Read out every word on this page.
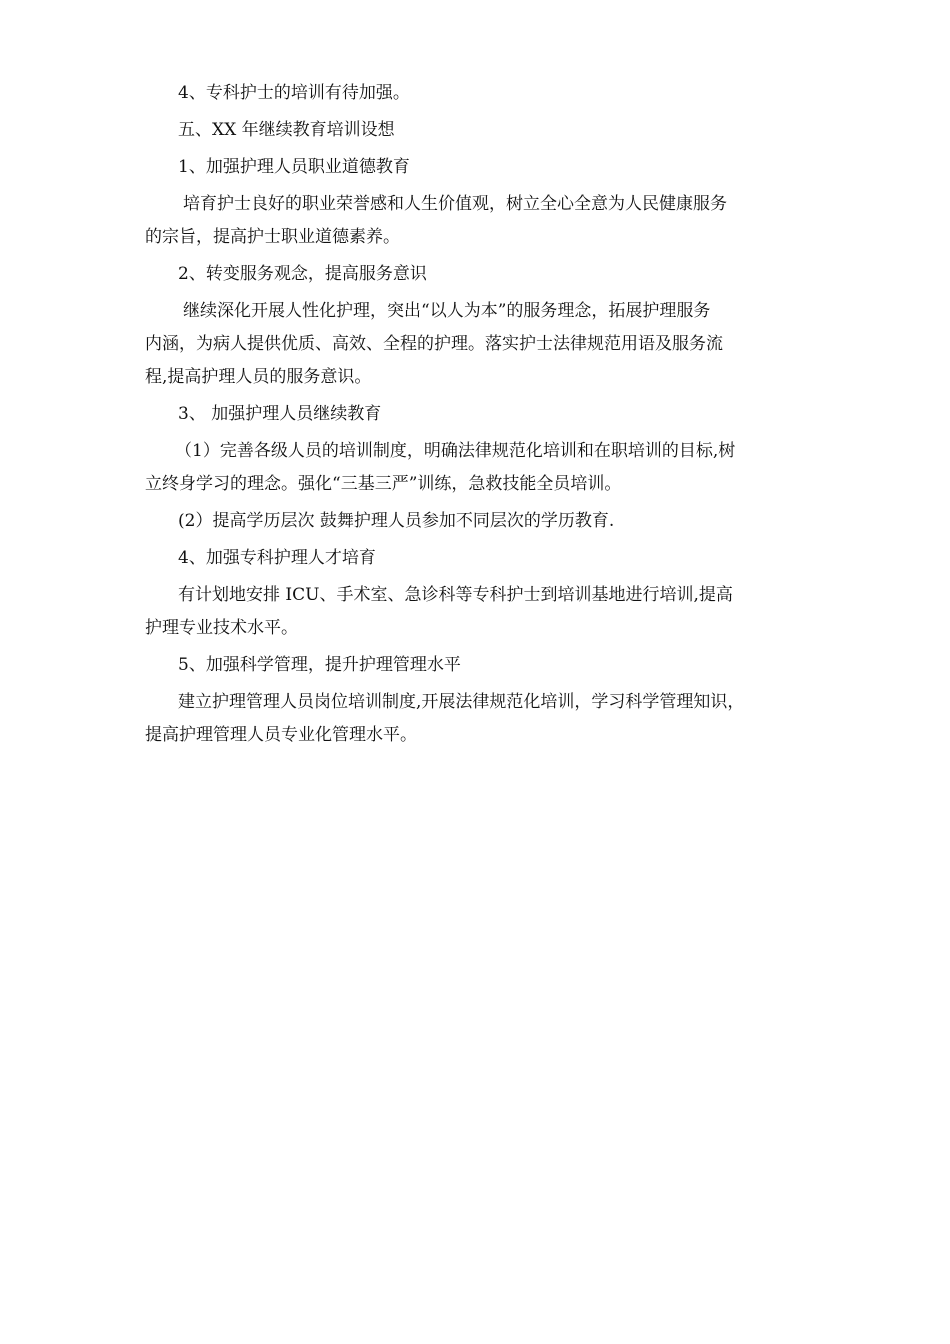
4、专科护士的培训有待加强。

五、XX 年继续教育培训设想

1、加强护理人员职业道德教育

培育护士良好的职业荣誉感和人生价值观，树立全心全意为人民健康服务

的宗旨，提高护士职业道德素养。

2、转变服务观念，提高服务意识

继续深化开展人性化护理，突出“以人为本”的服务理念，拓展护理服务

内涵，为病人提供优质、高效、全程的护理。落实护士法律规范用语及服务流

程,提高护理人员的服务意识。

3、 加强护理人员继续教育

（1）完善各级人员的培训制度，明确法律规范化培训和在职培训的目标,树

立终身学习的理念。强化“三基三严”训练，急救技能全员培训。

(2）提高学历层次 鼓舞护理人员参加不同层次的学历教育.

4、加强专科护理人才培育

有计划地安排 ICU、手术室、急诊科等专科护士到培训基地进行培训,提高

护理专业技术水平。

5、加强科学管理，提升护理管理水平

建立护理管理人员岗位培训制度,开展法律规范化培训，学习科学管理知识，

提高护理管理人员专业化管理水平。
